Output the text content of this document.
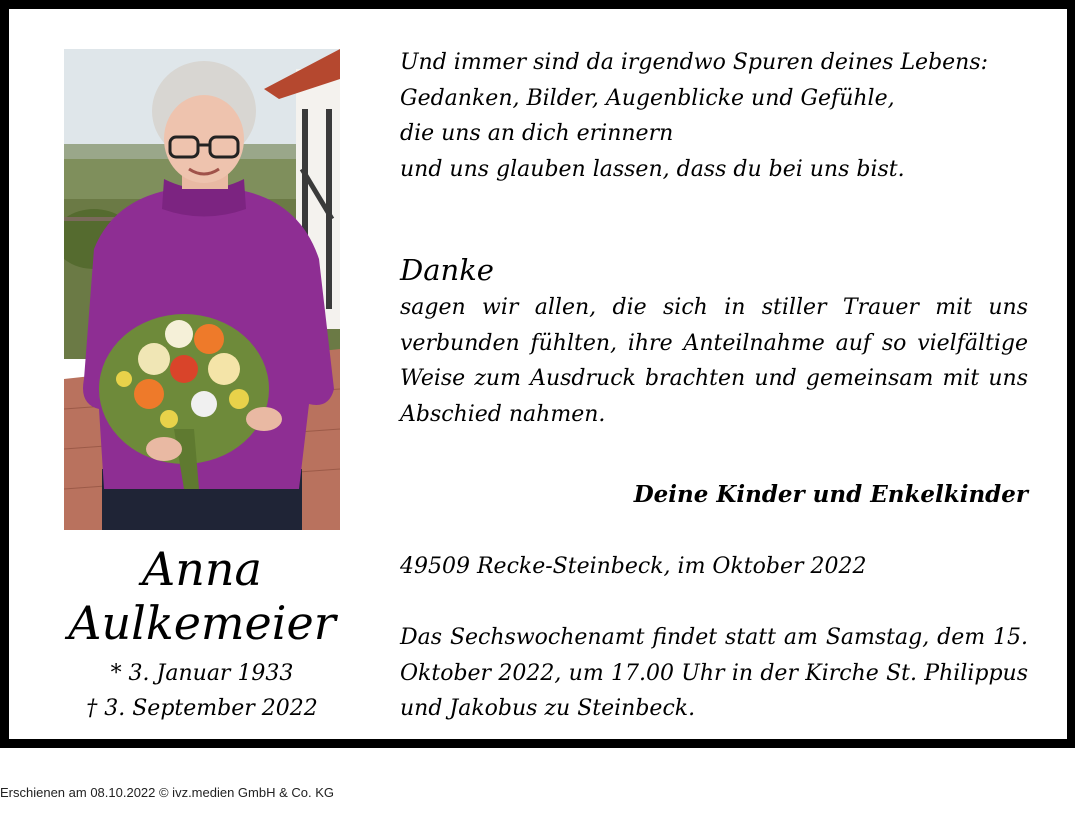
Anna
Aulkemeier
* 3. Januar 1933
† 3. September 2022
Und immer sind da irgendwo Spuren deines Lebens:
Gedanken, Bilder, Augenblicke und Gefühle,
die uns an dich erinnern
und uns glauben lassen, dass du bei uns bist.
Danke
sagen wir allen, die sich in stiller Trauer mit uns verbunden fühlten, ihre Anteilnahme auf so vielfältige Weise zum Ausdruck brachten und gemeinsam mit uns Abschied nahmen.
Deine Kinder und Enkelkinder
49509 Recke-Steinbeck, im Oktober 2022
Das Sechswochenamt findet statt am Samstag, dem 15. Oktober 2022, um 17.00 Uhr in der Kirche St. Philippus und Jakobus zu Steinbeck.
Erschienen am 08.10.2022 © ivz.medien GmbH & Co. KG
